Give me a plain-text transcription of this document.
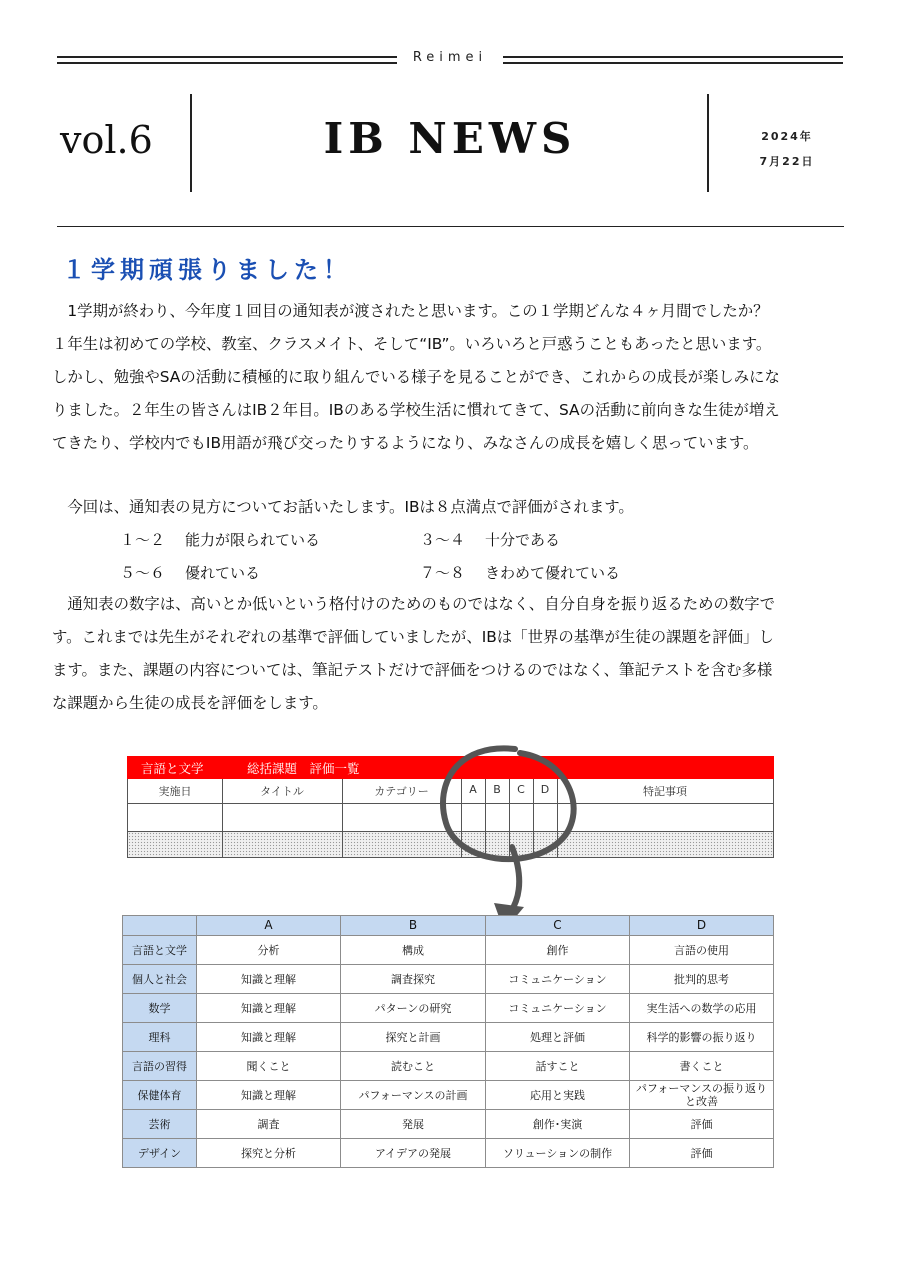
Reimei
vol.6	IB NEWS	2024年
7月22日
１学期頑張りました！
　1学期が終わり、今年度１回目の通知表が渡されたと思います。この１学期どんな４ヶ月間でしたか？
１年生は初めての学校、教室、クラスメイト、そして“IB”。いろいろと戸惑うこともあったと思います。
しかし、勉強やSAの活動に積極的に取り組んでいる様子を見ることができ、これからの成長が楽しみにな
りました。２年生の皆さんはIB２年目。IBのある学校生活に慣れてきて、SAの活動に前向きな生徒が増え
てきたり、学校内でもIB用語が飛び交ったりするようになり、みなさんの成長を嬉しく思っています。
　今回は、通知表の見方についてお話いたします。IBは８点満点で評価がされます。
１～２ 能力が限られている	３～４ 十分である
５～６ 優れている	７～８ きわめて優れている
　通知表の数字は、高いとか低いという格付けのためのものではなく、自分自身を振り返るための数字で
す。これまでは先生がそれぞれの基準で評価していましたが、IBは「世界の基準が生徒の課題を評価」し
ます。また、課題の内容については、筆記テストだけで評価をつけるのではなく、筆記テストを含む多様
な課題から生徒の成長を評価をします。
言語と文学	総括課題　評価一覧
実施日	タイトル	カテゴリー	A	B	C	D	特記事項
	A	B	C	D
言語と文学	分析	構成	創作	言語の使用
個人と社会	知識と理解	調査探究	コミュニケーション	批判的思考
数学	知識と理解	パターンの研究	コミュニケーション	実生活への数学の応用
理科	知識と理解	探究と計画	処理と評価	科学的影響の振り返り
言語の習得	聞くこと	読むこと	話すこと	書くこと
保健体育	知識と理解	パフォーマンスの計画	応用と実践	パフォーマンスの振り返りと改善
芸術	調査	発展	創作･実演	評価
デザイン	探究と分析	アイデアの発展	ソリューションの制作	評価
